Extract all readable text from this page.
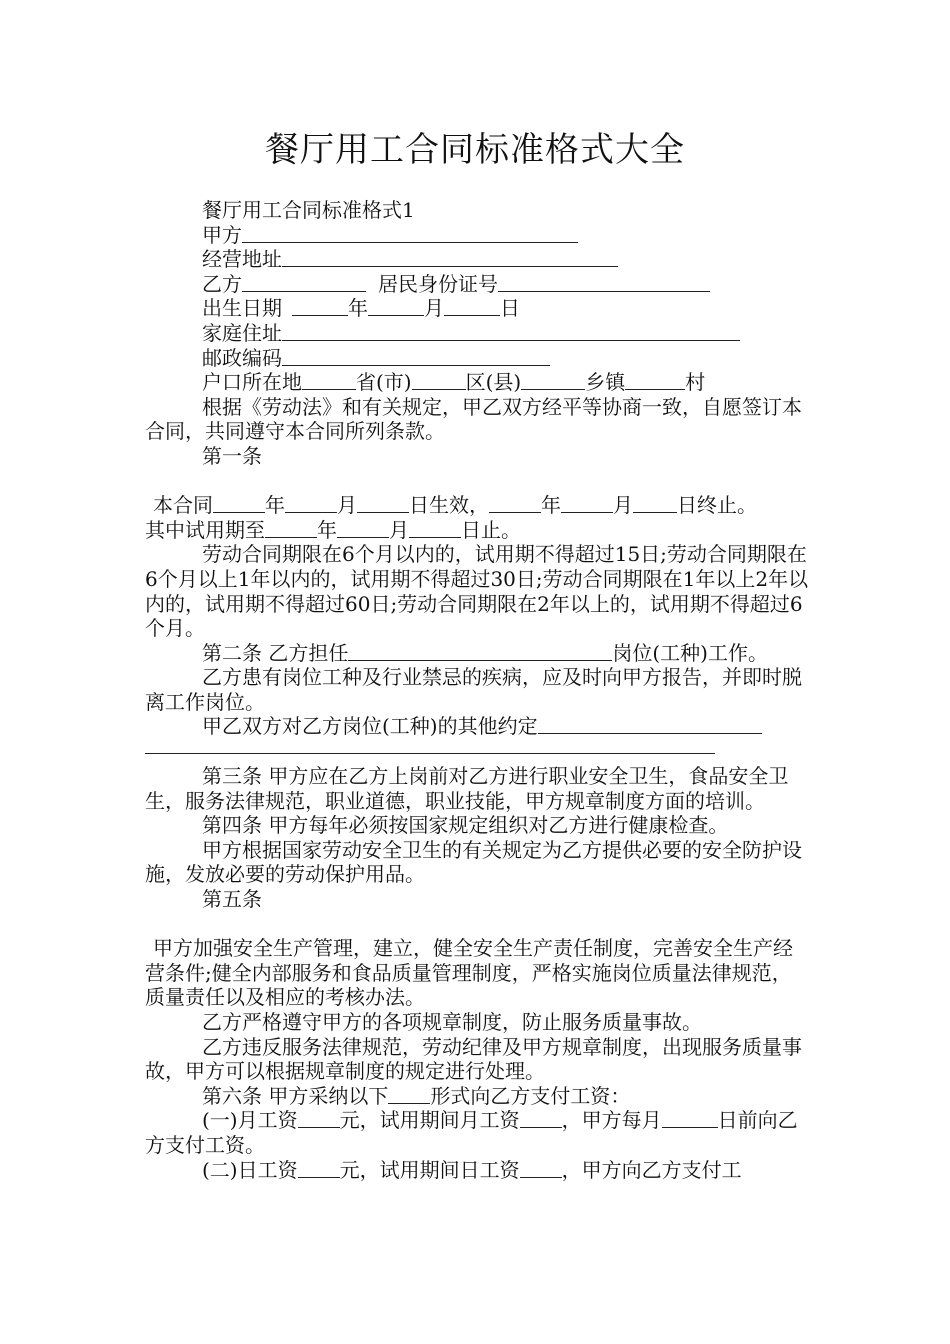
餐厅用工合同标准格式大全

餐厅用工合同标准格式1

甲方

经营地址

乙方	居民身份证号

出生日期	年	月	日

家庭住址

邮政编码

户口所在地	省(市)	区(县)	乡镇	村

根据《劳动法》和有关规定，甲乙双方经平等协商一致，自愿签订本合同，共同遵守本合同所列条款。

第一条

本合同	年	月	日生效，	年	月 日终止。

其中试用期至	年	月	日止。

劳动合同期限在6个月以内的，试用期不得超过15日;劳动合同期限在6个月以上1年以内的，试用期不得超过30日;劳动合同期限在1年以上2年以内的，试用期不得超过60日;劳动合同期限在2年以上的，试用期不得超过6个月。

第二条 乙方担任	岗位(工种)工作。

乙方患有岗位工种及行业禁忌的疾病，应及时向甲方报告，并即时脱离工作岗位。

甲乙双方对乙方岗位(工种)的其他约定

第三条 甲方应在乙方上岗前对乙方进行职业安全卫生，食品安全卫生，服务法律规范，职业道德，职业技能，甲方规章制度方面的培训。

第四条 甲方每年必须按国家规定组织对乙方进行健康检查。

甲方根据国家劳动安全卫生的有关规定为乙方提供必要的安全防护设施，发放必要的劳动保护用品。

第五条

甲方加强安全生产管理，建立，健全安全生产责任制度，完善安全生产经营条件;健全内部服务和食品质量管理制度，严格实施岗位质量法律规范，质量责任以及相应的考核办法。

乙方严格遵守甲方的各项规章制度，防止服务质量事故。

乙方违反服务法律规范，劳动纪律及甲方规章制度，出现服务质量事故，甲方可以根据规章制度的规定进行处理。

第六条 甲方采纳以下 形式向乙方支付工资：

(一)月工资 元，试用期间月工资 ，甲方每月	日前向乙方支付工资。

(二)日工资 元，试用期间日工资 ，甲方向乙方支付工
